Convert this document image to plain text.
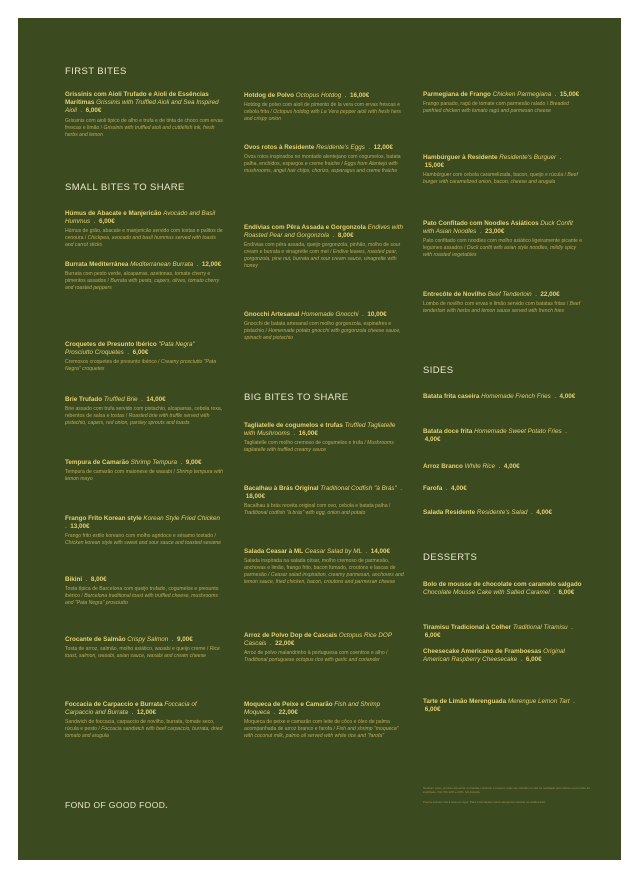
FIRST BITES
Grissinis com Aioli Trufado e Aioli de Essências Marítimas Grissinis with Truffled Aioli and Sea Inspired Aioli  .  6,00€
Grissinis com aioli típico de alho e trufa e de tinta de choco com ervas frescas e limão / Grissinis with truffled aioli and cuttlefish ink, fresh herbs and lemon
SMALL BITES TO SHARE
Húmus de Abacate e Manjericão Avocado and Basil Hummus  .  6,00€
Húmus de grão, abacate e manjericão servido com tostas e palitos de cenoura / Chickpea, avocado and basil hummus served with toasts and carrot sticks
Burrata Mediterrânea Mediterranean Burrata  .  12,00€
Burrata com pesto verde, alcaparras, azeitonas, tomate cherry e pimentos assados / Burrata with pesto, capers, olives, tomato cherry and roasted peppers
Croquetes de Presunto Ibérico "Pata Negra" Prosciutto Croquetes  .  6,00€
Cremosos croquetes de presunto ibérico / Creamy prosciutto "Pata Negra" croquetes
Brie Trufado Truffled Brie  .  14,00€
Brie assado com trufa servido com pistachio, alcaparras, cebola roxa, rebentos de salsa e tostas / Roasted brie with truffle served with pistachio, capers, red onion, parsley sprouts and toasts
Tempura de Camarão Shrimp Tempura  .  9,00€
Tempura de camarão com maionese de wasabi / Shrimp tempura with lemon mayo
Frango Frito Korean style Korean Style Fried Chicken  .  13,00€
Frango frito estilo koreano com molho agridoce e sésamo tostado / Chicken korean style with sweet and sour sauce and toasted sesame
Bikini  .  8,00€
Tosta típica de Barcelona com queijo trufado, cogumelos e presunto ibérico / Barcelona traditional toast with truffled cheese, mushrooms and "Pata Negra" prosciutto
Crocante de Salmão Crispy Salmon  .  9,00€
Tosta de arroz, salmão, molho asiático, wasabi e queijo creme / Rice toast, salmon, wasabi, asian sauce, wasabi and cream cheese
Foccacia de Carpaccio e Burrata Foccacia of Carpaccio and Burrata  .  12,00€
Sandwich de foccacia, carpaccio de novilho, burrata, tomate seco, rúcula e pesto / Foccacia sandwich with beef carpaccio, burrata, dried tomato and arugula
Hotdog de Polvo Octopus Hotdog  .  16,00€
Hotdog de polvo com aioli de pimento de la vera com ervas frescas e cebola frita / Octopus hotdog with La Vera pepper aioli with fresh hers and crispy onion
Ovos rotos à Residente Residente's Eggs  .  12,00€
Ovos rotos inspirados no montado alentejano com cogumelos, batata palha, enchidos, espargos e creme fraiche / Eggs from Alentejo with mushrooms, angel hair chips, chorizo, asparagus and creme fraiche
Endívias com Pêra Assada e Gorgonzola Endives with Roasted Pear and Gorgonzola  .  8,00€
Endívias com pêra assada, queijo gorgonzola, pinhão, molho de sour cream e burrata e vinagrette com mel / Endive leaves, roasted pear, gorgonzola, pine nut, burrata and sour cream sauce, vinagrette with honey
Gnocchi Artesanal Homemade Gnocchi  .  10,00€
Gnocchi de batata artesanal com molho gorgonzola, espinafres e pistachio / Homemade potato gnocchi with gorgonzola cheese sauce, spinach and pistachio
BIG BITES TO SHARE
Tagliatelle de cogumelos e trufas Truffled Tagliatelle with Mushrooms  .  16,00€
Tagliatelle com molho cremoso de cogumelos e trufa / Mushrooms tagliatelle with truffled creamy sauce
Bacalhau à Brás Original Traditional Codfish "à Brás"  .  18,00€
Bacalhau à brás receita original com ovo, cebola e batata palha / Traditional codfish "à brás" with egg, onion and potato
Salada Ceasar à ML Ceasar Salad by ML  .  14,00€
Salada inspirada na salada césar, molho cremoso de parmesão, anchovas e limão, frango frito, bacon fumado, croutons e lascas de parmesão / Ceasar salad inspiration, creamy parmesan, anchoves and lemon sauce, fried chicken, bacon, croutons and parmesan cheese
Arroz de Polvo Dop de Cascais Octopus Rice DOP Cascais  .  22,00€
Arroz de polvo malandrinho à portuguesa com coentros e alho / Traditional portuguese octopus rice with garlic and coriander
Moqueca de Peixe e Camarão Fish and Shrimp Moqueca  .  22,00€
Moqueca de peixe e camarão com leite de côco e óleo de palma acompanhada de arroz branco e farofa / Fish and shrimp "moqueca" with coconut milk, palmo oil served with white rice and "farofa"
Parmegiana de Frango Chicken Parmegiana  .  15,00€
Frango panado, ragú de tomate com parmesão ralado / Breaded panfried chicken with tomato ragú and parmesan cheese
Hambúrguer à Residente Residente's Burguer  .  15,00€
Hambúrguer com cebola caramelizada, bacon, queijo e rúcula / Beef burger with caramelized onion, bacon, cheese and arugula
Pato Confitado com Noodles Asiáticos Duck Confit with Asian Noodles  .  23,00€
Pato confitado com noodles com molho asiático ligeiramente picante e legumes assados / Duck confit with asian style noodles, mildly spicy with roasted vegetables
Entrecôte de Novilho Beef Tenderloin  .  22,00€
Lombo de novilho com ervas e limão servido com batatas fritas / Beef tenderloin with herbs and lemon sauce served with french fries
SIDES
Batata frita caseira Homemade French Fries  .  4,00€
Batata doce frita Homemade Sweet Potato Fries  .  4,00€
Arroz Branco White Rice  .  4,00€
Farofa  .  4,00€
Salada Residente Residente's Salad  .  4,00€
DESSERTS
Bolo de mousse de chocolate com caramelo salgado Chocolate Mousse Cake with Salted Caramel  .  6,00€
Tiramisu Tradicional à Colher Traditional Tiramisu  .  6,00€
Cheesecake Americano de Framboesas Original American Raspberry Cheesecake  .  6,00€
Tarte de Limão Merenguada Merengue Lemon Tart  .  6,00€
FOND OF GOOD FOOD.
Nenhum prato, produto alimentar ou bebida, incluindo o couvert, pode ser cobrado se não for solicitado pelo cliente ou por este for inutilizado. IVA: 6%,13% e 23%. IVA incluído
Preços incluem IVA à taxa em vigor. Para informações sobre alergénios solicitar ao colaborador
